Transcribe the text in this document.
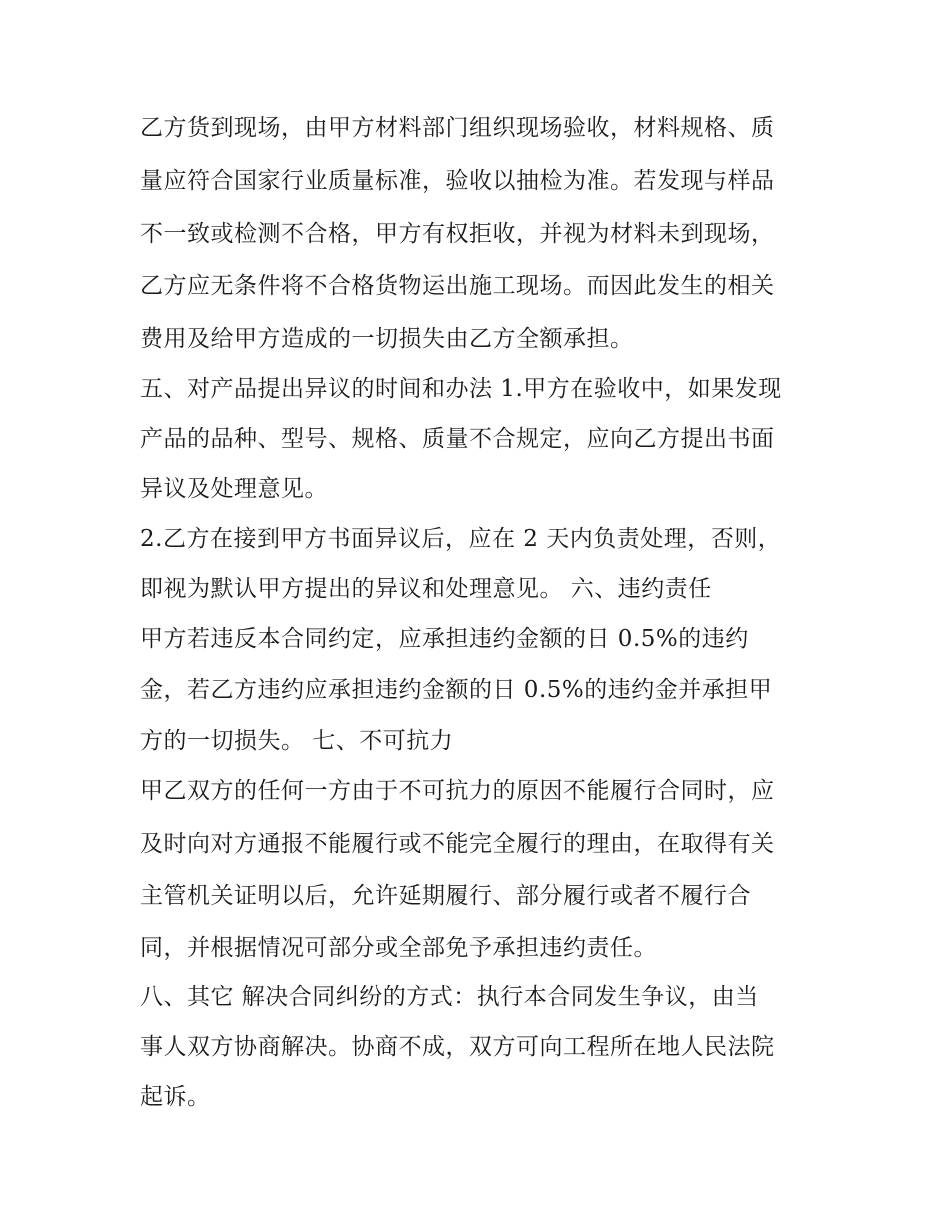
乙方货到现场，由甲方材料部门组织现场验收，材料规格、质
量应符合国家行业质量标准，验收以抽检为准。若发现与样品
不一致或检测不合格，甲方有权拒收，并视为材料未到现场，
乙方应无条件将不合格货物运出施工现场。而因此发生的相关
费用及给甲方造成的一切损失由乙方全额承担。
五、对产品提出异议的时间和办法 1.甲方在验收中，如果发现
产品的品种、型号、规格、质量不合规定，应向乙方提出书面
异议及处理意见。
2.乙方在接到甲方书面异议后，应在 2 天内负责处理，否则，
即视为默认甲方提出的异议和处理意见。 六、违约责任
甲方若违反本合同约定，应承担违约金额的日 0.5%的违约
金，若乙方违约应承担违约金额的日 0.5%的违约金并承担甲
方的一切损失。 七、不可抗力
甲乙双方的任何一方由于不可抗力的原因不能履行合同时，应
及时向对方通报不能履行或不能完全履行的理由，在取得有关
主管机关证明以后，允许延期履行、部分履行或者不履行合
同，并根据情况可部分或全部免予承担违约责任。
八、其它 解决合同纠纷的方式：执行本合同发生争议，由当
事人双方协商解决。协商不成，双方可向工程所在地人民法院
起诉。
